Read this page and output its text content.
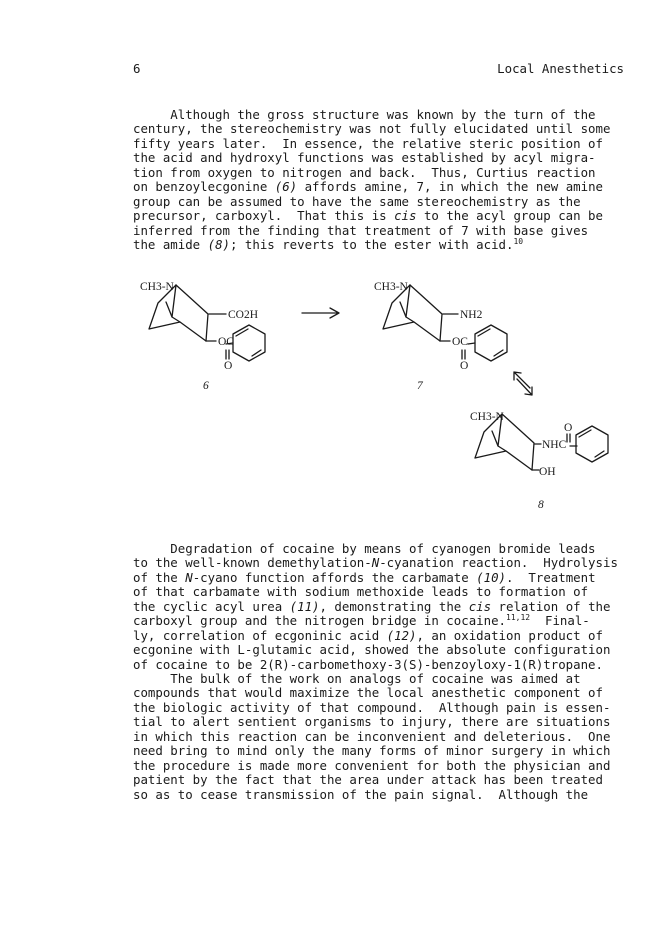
6	Local Anesthetics
Although the gross structure was known by the turn of the
century, the stereochemistry was not fully elucidated until some
fifty years later.  In essence, the relative steric position of
the acid and hydroxyl functions was established by acyl migra-
tion from oxygen to nitrogen and back.  Thus, Curtius reaction
on benzoylecgonine (6) affords amine, 7, in which the new amine
group can be assumed to have the same stereochemistry as the
precursor, carboxyl.  That this is cis to the acyl group can be
inferred from the finding that treatment of 7 with base gives
the amide (8); this reverts to the ester with acid.$^{10}$
CH3-N
CO2H
OC
O
6
CH3-N
NH2
OC
O
7
CH3-N
O
NHC
OH
8
Degradation of cocaine by means of cyanogen bromide leads
to the well-known demethylation-N-cyanation reaction.  Hydrolysis
of the N-cyano function affords the carbamate (10).  Treatment
of that carbamate with sodium methoxide leads to formation of
the cyclic acyl urea (11), demonstrating the cis relation of the
carboxyl group and the nitrogen bridge in cocaine.$^{11,12}$  Final-
ly, correlation of ecgoninic acid (12), an oxidation product of
ecgonine with L-glutamic acid, showed the absolute configuration
of cocaine to be 2(R)-carbomethoxy-3(S)-benzoyloxy-1(R)tropane.
The bulk of the work on analogs of cocaine was aimed at
compounds that would maximize the local anesthetic component of
the biologic activity of that compound.  Although pain is essen-
tial to alert sentient organisms to injury, there are situations
in which this reaction can be inconvenient and deleterious.  One
need bring to mind only the many forms of minor surgery in which
the procedure is made more convenient for both the physician and
patient by the fact that the area under attack has been treated
so as to cease transmission of the pain signal.  Although the
